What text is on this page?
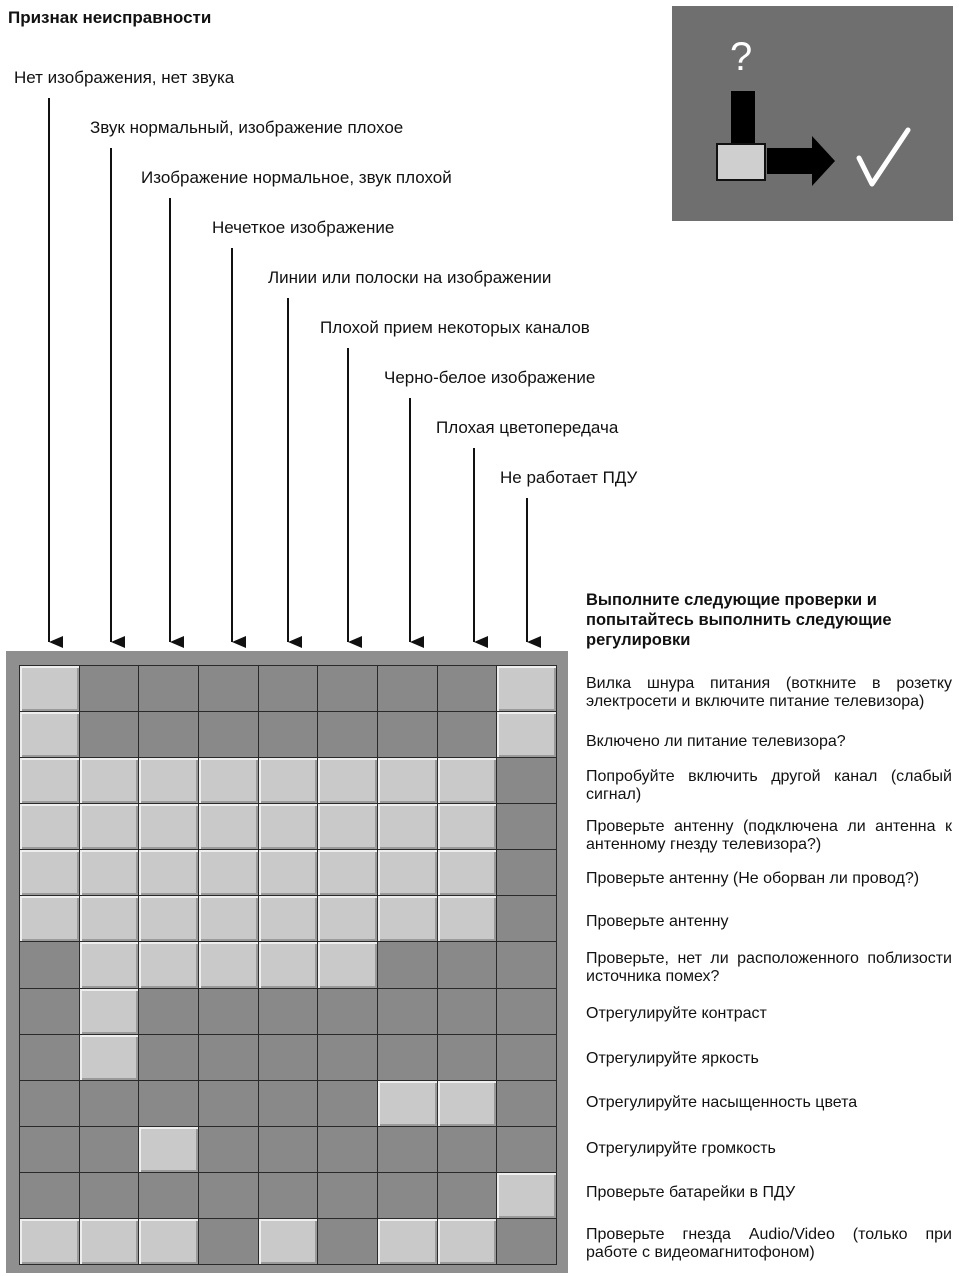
Признак неисправности
Нет изображения, нет звука
Звук нормальный, изображение плохое
Изображение нормальное, звук плохой
Нечеткое изображение
Линии или полоски на изображении
Плохой прием некоторых каналов
Черно-белое изображение
Плохая цветопередача
Не работает ПДУ
?
Выполните следующие проверки и попытайтесь выполнить следующие регулировки
Вилка шнура питания (воткните в розетку электросети и включите питание телевизора)
Включено ли питание телевизора?
Попробуйте включить другой канал (слабый сигнал)
Проверьте антенну (подключена ли антенна к антенному гнезду телевизора?)
Проверьте антенну (Не оборван ли провод?)
Проверьте антенну
Проверьте, нет ли расположенного поблизости источника помех?
Отрегулируйте контраст
Отрегулируйте яркость
Отрегулируйте насыщенность цвета
Отрегулируйте громкость
Проверьте батарейки в ПДУ
Проверьте гнезда Audio/Video (только при работе с видеомагнитофоном)
